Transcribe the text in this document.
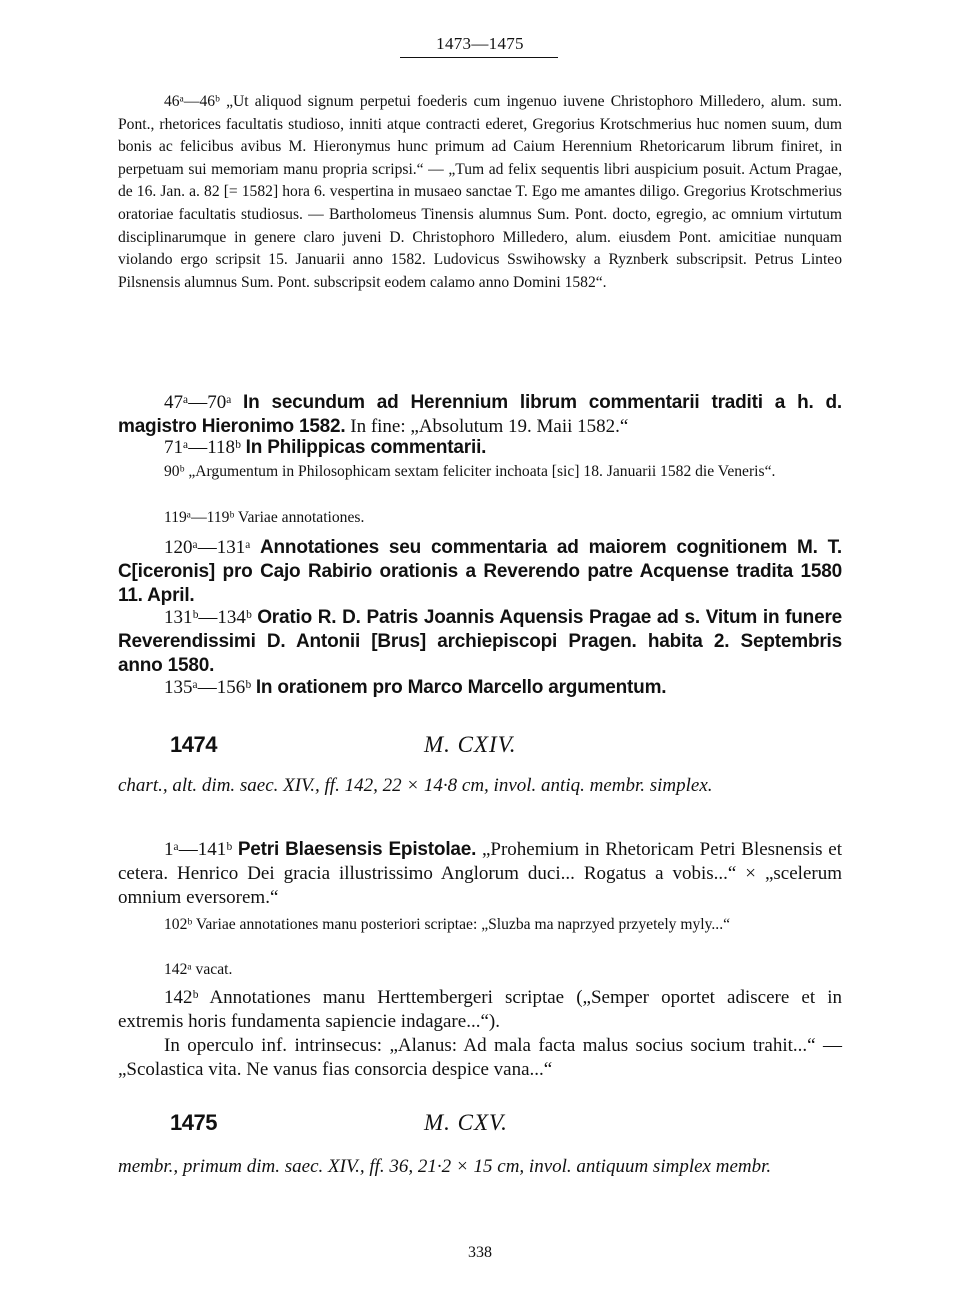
1473—1475
46ᵃ—46ᵇ „Ut aliquod signum perpetui foederis cum ingenuo iuvene Christophoro Milledero, alum. sum. Pont., rhetorices facultatis studioso, inniti atque contracti ederet, Gregorius Krotschmerius huc nomen suum, dum bonis ac felicibus avibus M. Hieronymus hunc primum ad Caium Herennium Rhetoricarum librum finiret, in perpetuam sui memoriam manu propria scripsi.“ — „Tum ad felix sequentis libri auspicium posuit. Actum Pragae, de 16. Jan. a. 82 [= 1582] hora 6. vespertina in musaeo sanctae T. Ego me amantes diligo. Gregorius Krotschmerius oratoriae facultatis studiosus. — Bartholomeus Tinensis alumnus Sum. Pont. docto, egregio, ac omnium virtutum disciplinarumque in genere claro juveni D. Christophoro Milledero, alum. eiusdem Pont. amicitiae nunquam violando ergo scripsit 15. Januarii anno 1582. Ludovicus Sswihowsky a Ryznberk subscripsit. Petrus Linteo Pilsnensis alumnus Sum. Pont. subscripsit eodem calamo anno Domini 1582“.

47ᵃ—70ᵃ In secundum ad Herennium librum commentarii traditi a h. d. magistro Hieronimo 1582. In fine: „Absolutum 19. Maii 1582.“

71ᵃ—118ᵇ In Philippicas commentarii.

90ᵇ „Argumentum in Philosophicam sextam feliciter inchoata [sic] 18. Januarii 1582 die Veneris“.
119ᵃ—119ᵇ Variae annotationes.

120ᵃ—131ᵃ Annotationes seu commentaria ad maiorem cognitionem M. T. C[iceronis] pro Cajo Rabirio orationis a Reverendo patre Acquense tradita 1580 11. April.

131ᵇ—134ᵇ Oratio R. D. Patris Joannis Aquensis Pragae ad s. Vitum in funere Reverendissimi D. Antonii [Brus] archiepiscopi Pragen. habita 2. Septembris anno 1580.

135ᵃ—156ᵇ In orationem pro Marco Marcello argumentum.

1474	M. CXIV.
chart., alt. dim. saec. XIV., ff. 142, 22 × 14·8 cm, invol. antiq. membr. simplex.

1ᵃ—141ᵇ Petri Blaesensis Epistolae. „Prohemium in Rhetoricam Petri Blesnensis et cetera. Henrico Dei gracia illustrissimo Anglorum duci... Rogatus a vobis...“ × „scelerum omnium eversorem.“

102ᵇ Variae annotationes manu posteriori scriptae: „Sluzba ma naprzyed przyetely myly...“
142ᵃ vacat.
142ᵇ Annotationes manu Herttembergeri scriptae („Semper oportet adiscere et in extremis horis fundamenta sapiencie indagare...“).
In operculo inf. intrinsecus: „Alanus: Ad mala facta malus socius socium trahit...“ — „Scolastica vita. Ne vanus fias consorcia despice vana...“
1475	M. CXV.
membr., primum dim. saec. XIV., ff. 36, 21·2 × 15 cm, invol. antiquum simplex membr.
338
